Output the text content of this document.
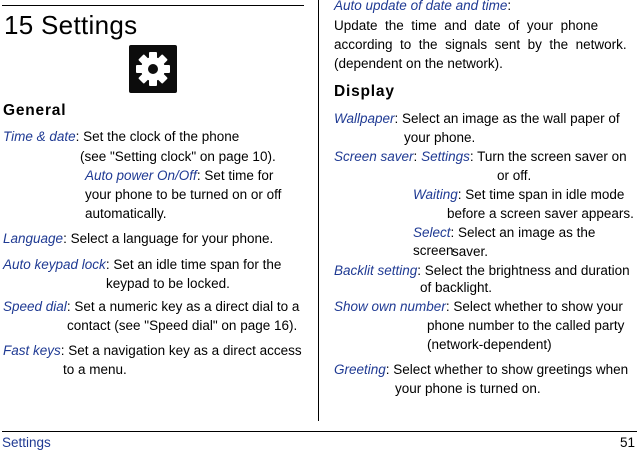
15 Settings
General
Time & date: Set the clock of the phone
(see "Setting clock" on page 10).
Auto power On/Off: Set time for
your phone to be turned on or off
automatically.
Language: Select a language for your phone.
Auto keypad lock: Set an idle time span for the
keypad to be locked.
Speed dial: Set a numeric key as a direct dial to a
contact (see "Speed dial" on page 16).
Fast keys: Set a navigation key as a direct access
to a menu.
Auto update of date and time:
Update  the  time  and  date  of  your  phone
according  to  the  signals  sent  by  the  network.
(dependent on the network).
Display
Wallpaper: Select an image as the wall paper of
your phone.
Screen saver: Settings: Turn the screen saver on
or off.
Waiting: Set time span in idle mode
before a screen saver appears.
Select: Select an image as the screen
saver.
Backlit setting: Select the brightness and duration
of backlight.
Show own number: Select whether to show your
phone number to the called party
(network-dependent)
Greeting: Select whether to show greetings when
your phone is turned on.
Settings	51
